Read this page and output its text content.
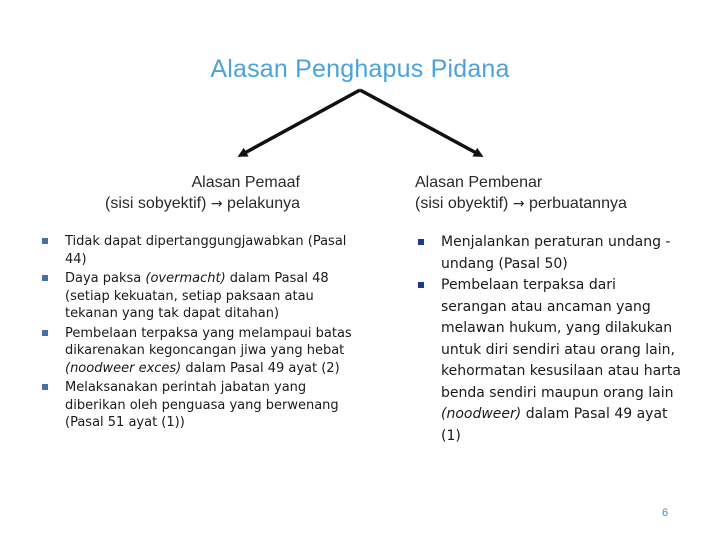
Alasan Penghapus Pidana
Alasan Pemaaf
(sisi sobyektif) → pelakunya
Alasan Pembenar
(sisi obyektif) → perbuatannya
Tidak dapat dipertanggungjawabkan (Pasal 44)
Daya paksa (overmacht) dalam Pasal 48 (setiap kekuatan, setiap paksaan atau tekanan yang tak dapat ditahan)
Pembelaan terpaksa yang melampaui batas dikarenakan kegoncangan jiwa yang hebat (noodweer exces) dalam Pasal 49 ayat (2)
Melaksanakan perintah jabatan yang diberikan oleh penguasa yang berwenang (Pasal 51 ayat (1))
Menjalankan peraturan undang -undang (Pasal 50)
Pembelaan terpaksa dari serangan atau ancaman yang melawan hukum, yang dilakukan untuk diri sendiri atau orang lain, kehormatan kesusilaan atau harta benda sendiri maupun orang lain (noodweer) dalam Pasal 49 ayat (1)
6
